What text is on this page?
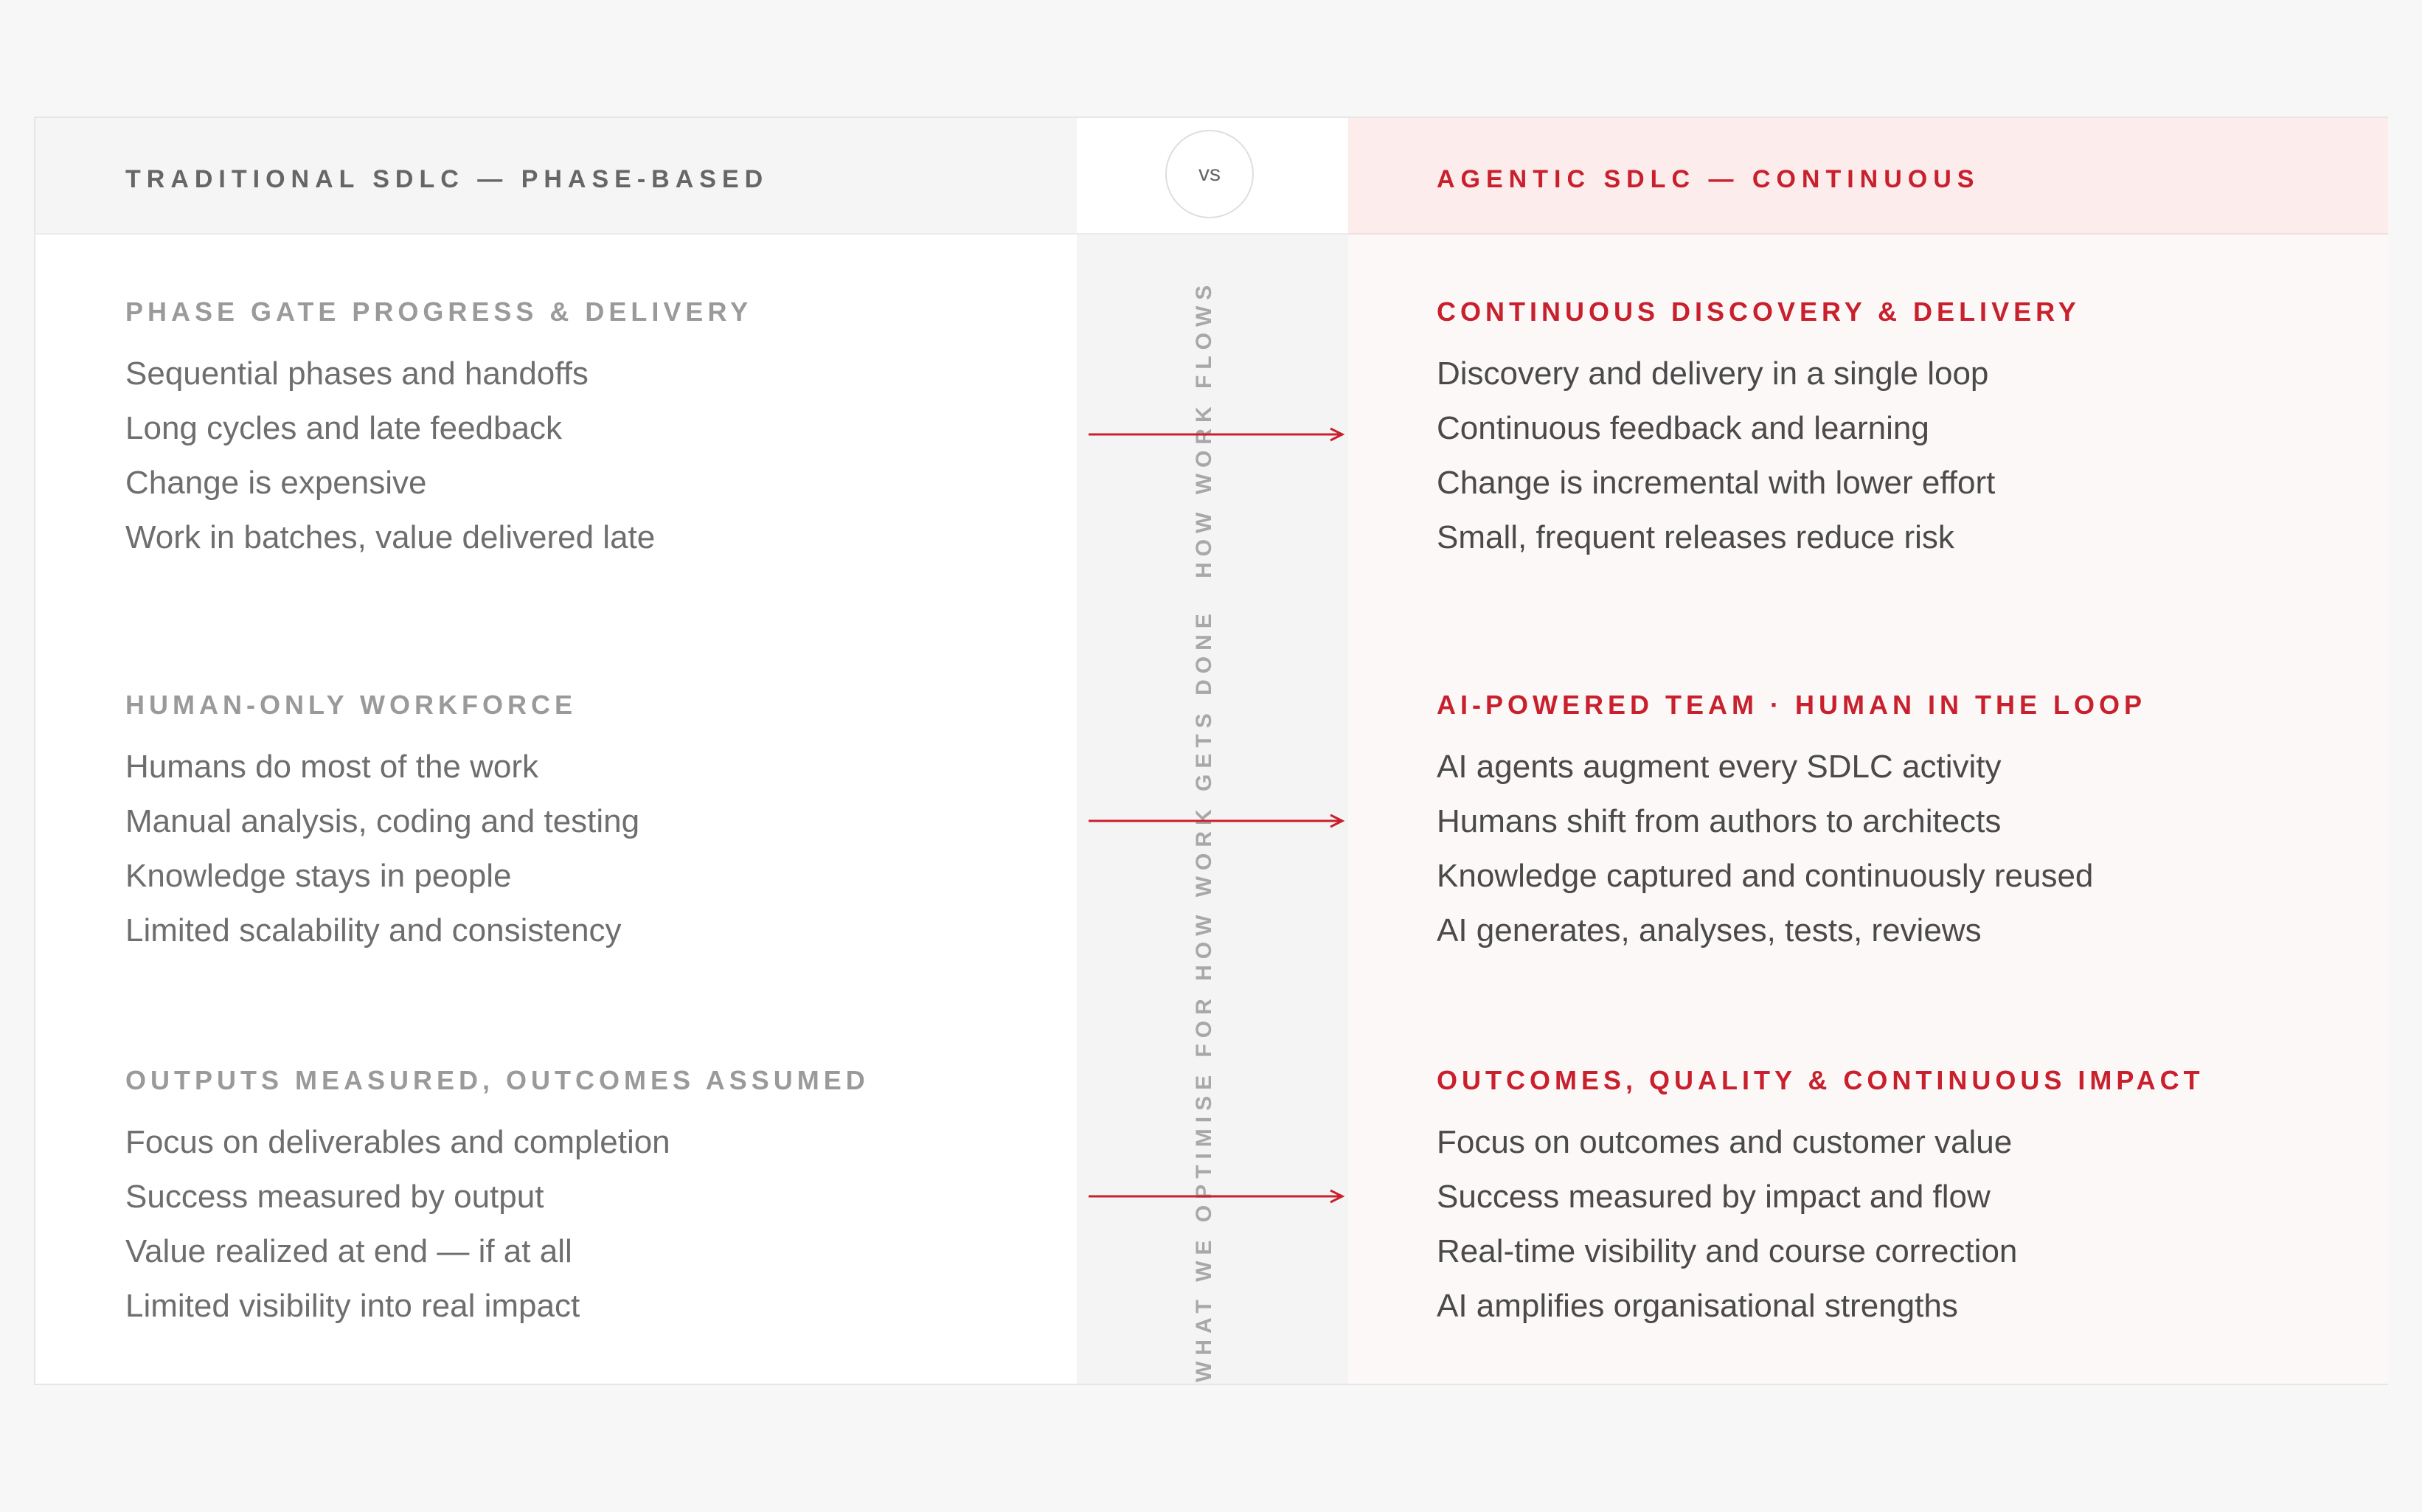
TRADITIONAL SDLC — PHASE-BASED	AGENTIC SDLC — CONTINUOUS
vs
PHASE GATE PROGRESS & DELIVERY
Sequential phases and handoffs
Long cycles and late feedback
Change is expensive
Work in batches, value delivered late
CONTINUOUS DISCOVERY & DELIVERY
Discovery and delivery in a single loop
Continuous feedback and learning
Change is incremental with lower effort
Small, frequent releases reduce risk
HUMAN-ONLY WORKFORCE
Humans do most of the work
Manual analysis, coding and testing
Knowledge stays in people
Limited scalability and consistency
AI-POWERED TEAM · HUMAN IN THE LOOP
AI agents augment every SDLC activity
Humans shift from authors to architects
Knowledge captured and continuously reused
AI generates, analyses, tests, reviews
OUTPUTS MEASURED, OUTCOMES ASSUMED
Focus on deliverables and completion
Success measured by output
Value realized at end — if at all
Limited visibility into real impact
OUTCOMES, QUALITY & CONTINUOUS IMPACT
Focus on outcomes and customer value
Success measured by impact and flow
Real-time visibility and course correction
AI amplifies organisational strengths
HOW WORK FLOWS
WHAT WE OPTIMISE FOR HOW WORK GETS DONE
